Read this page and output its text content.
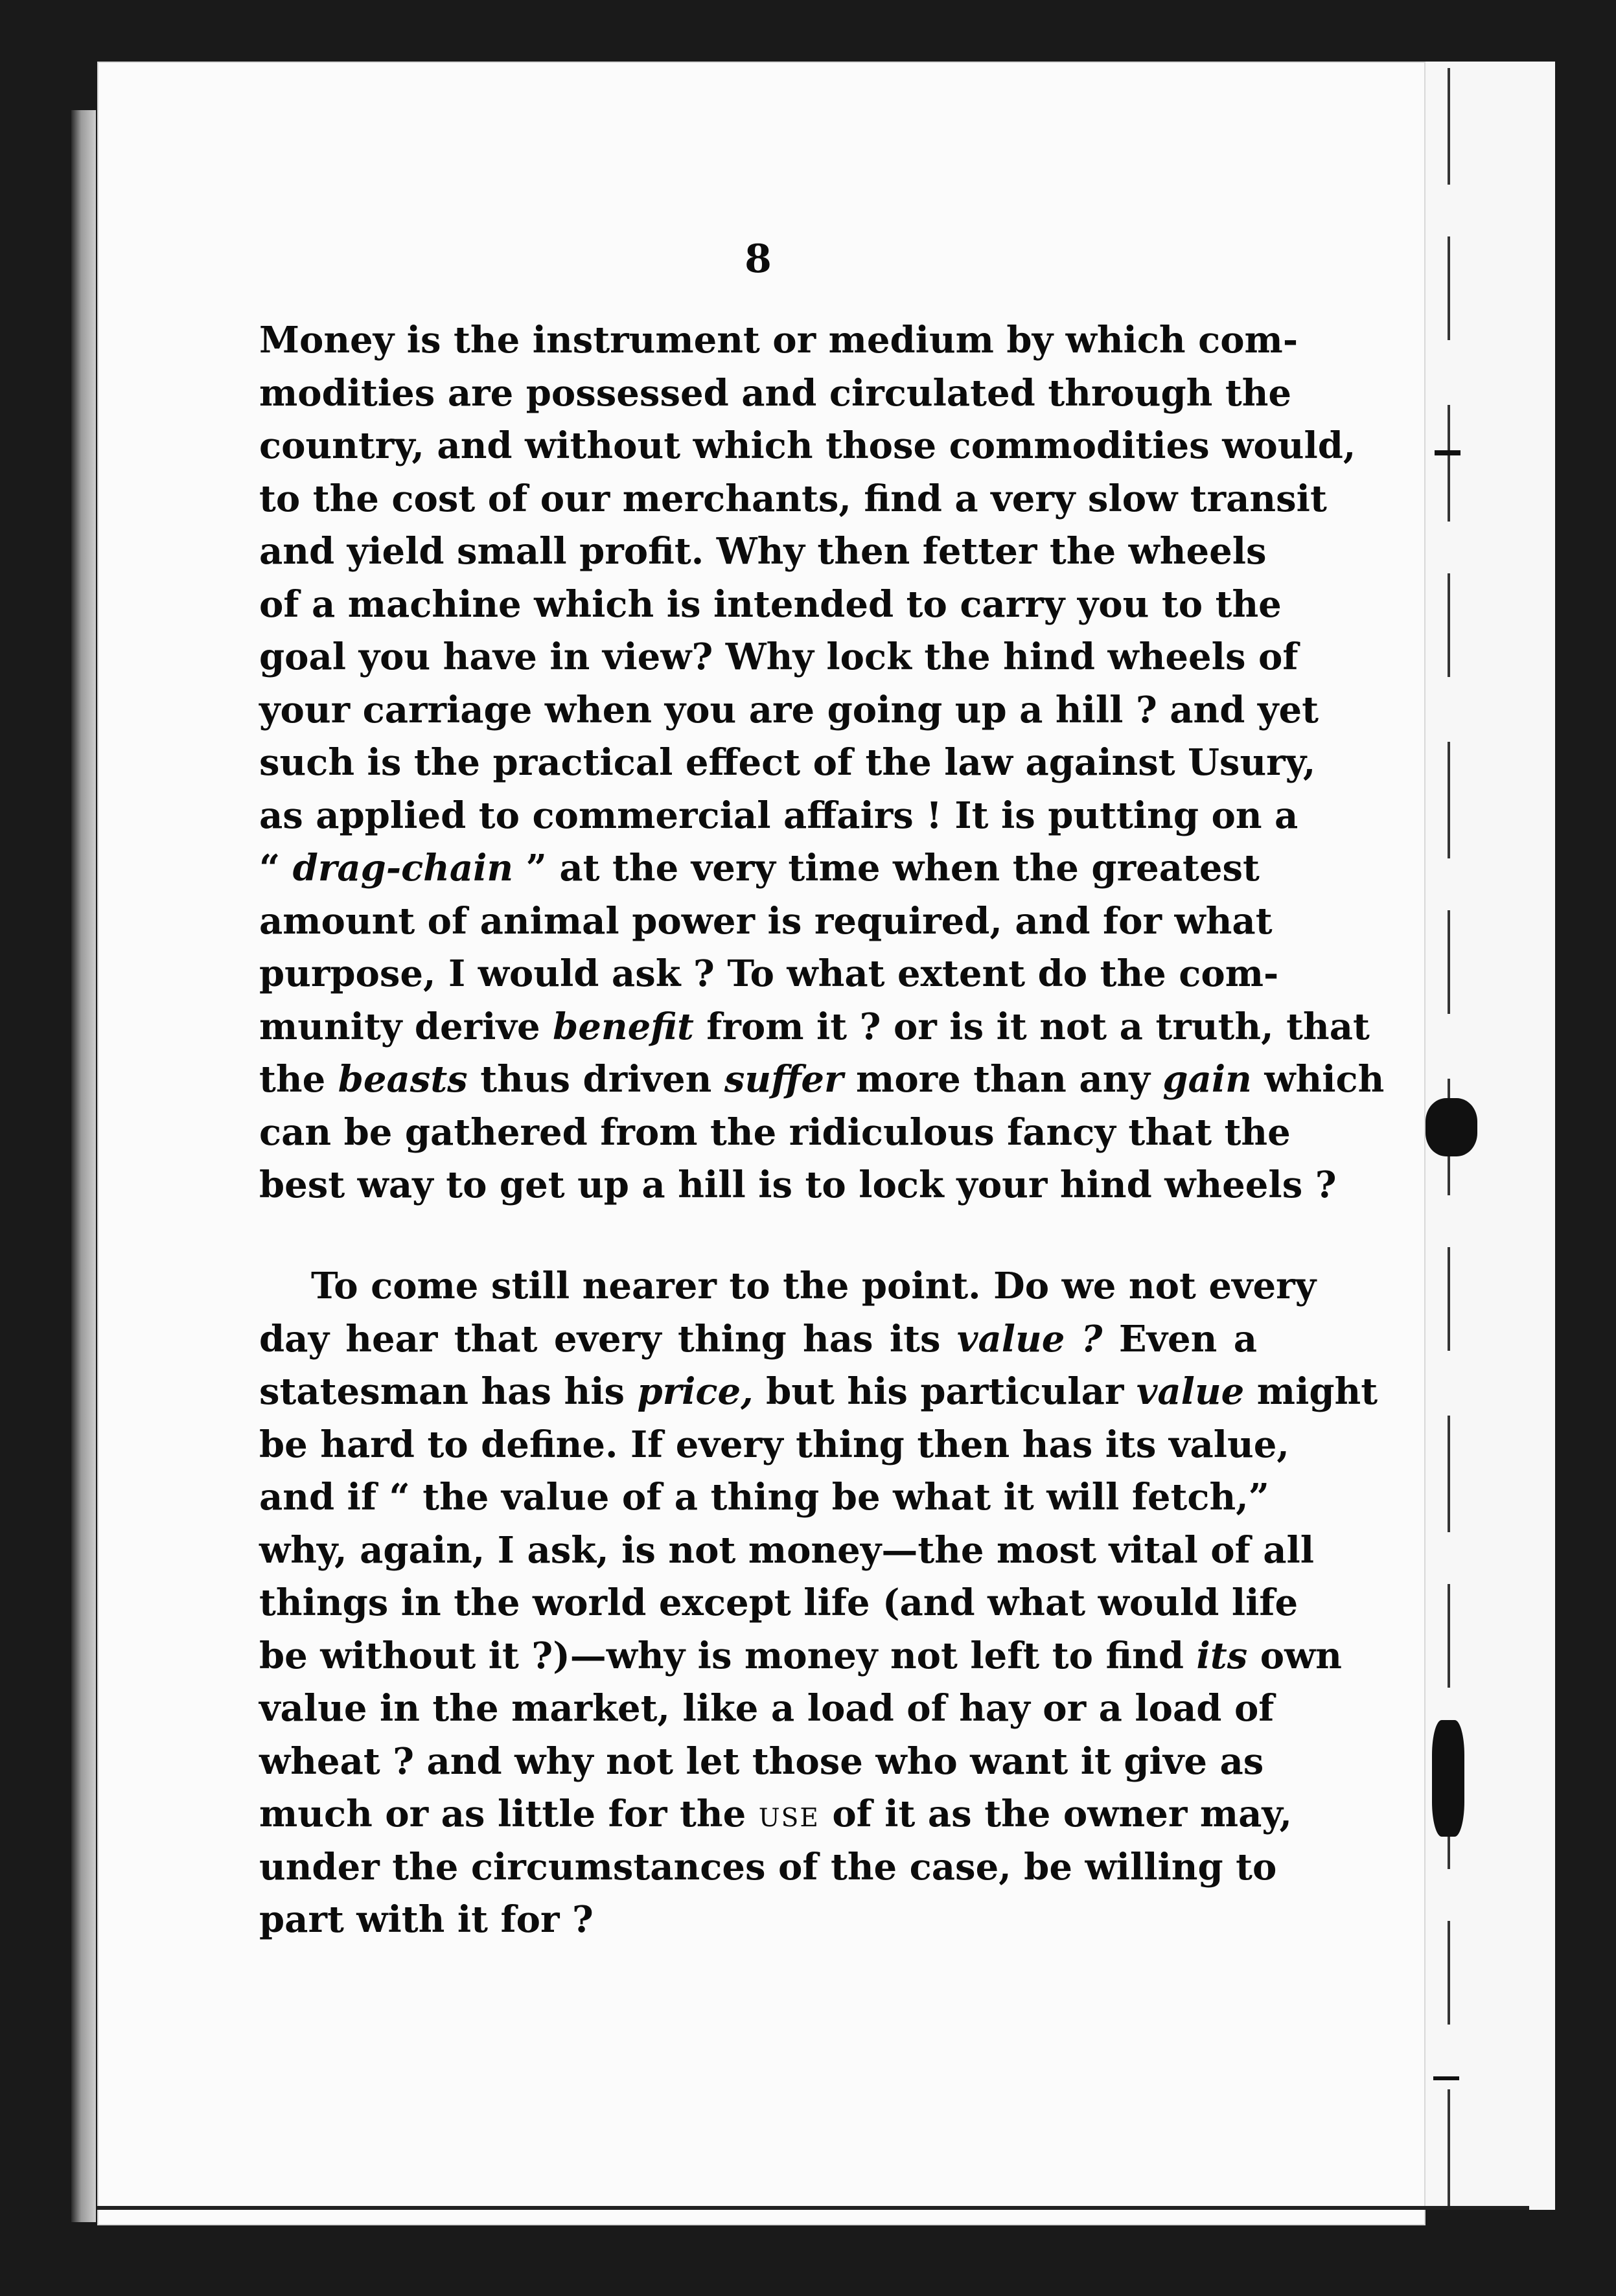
8
Money is the instrument or medium by which com-
modities are possessed and circulated through the
country, and without which those commodities would,
to the cost of our merchants, find a very slow transit
and yield small profit. Why then fetter the wheels
of a machine which is intended to carry you to the
goal you have in view? Why lock the hind wheels of
your carriage when you are going up a hill ? and yet
such is the practical effect of the law against Usury,
as applied to commercial affairs ! It is putting on a
“ drag-chain ” at the very time when the greatest
amount of animal power is required, and for what
purpose, I would ask ? To what extent do the com-
munity derive benefit from it ? or is it not a truth, that
the beasts thus driven suffer more than any gain which
can be gathered from the ridiculous fancy that the
best way to get up a hill is to lock your hind wheels ?
To come still nearer to the point. Do we not every
day hear that every thing has its value ? Even a
statesman has his price, but his particular value might
be hard to define. If every thing then has its value,
and if “ the value of a thing be what it will fetch,”
why, again, I ask, is not money—the most vital of all
things in the world except life (and what would life
be without it ?)—why is money not left to find its own
value in the market, like a load of hay or a load of
wheat ? and why not let those who want it give as
much or as little for the use of it as the owner may,
under the circumstances of the case, be willing to
part with it for ?
